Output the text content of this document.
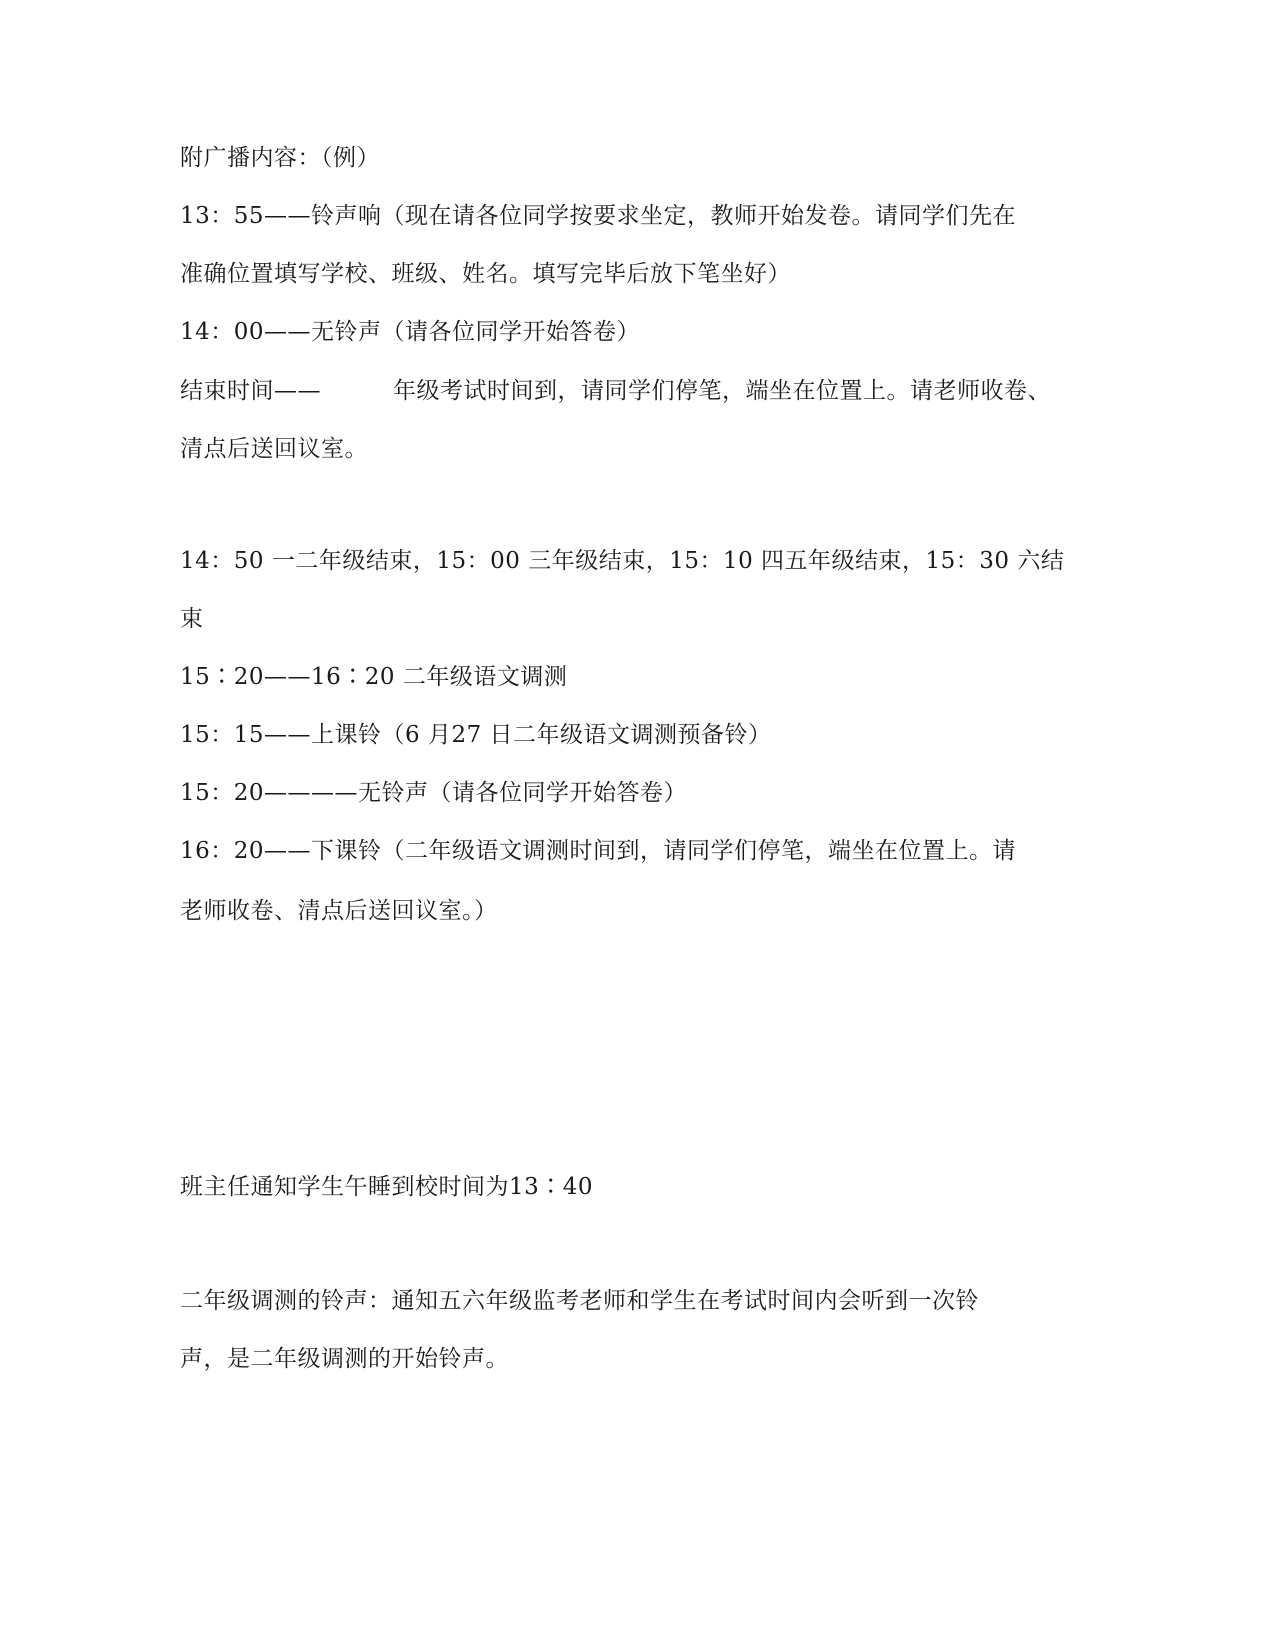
附广播内容：（例）
13：55——铃声响（现在请各位同学按要求坐定，教师开始发卷。请同学们先在
准确位置填写学校、班级、姓名。填写完毕后放下笔坐好）
14：00——无铃声（请各位同学开始答卷）
结束时间——	年级考试时间到，请同学们停笔，端坐在位置上。请老师收卷、
清点后送回议室。
14：50 一二年级结束，15：00 三年级结束，15：10 四五年级结束，15：30 六结
束
15∶20——16∶20 二年级语文调测
15：15——上课铃（6 月27 日二年级语文调测预备铃）
15：20————无铃声（请各位同学开始答卷）
16：20——下课铃（二年级语文调测时间到，请同学们停笔，端坐在位置上。请
老师收卷、清点后送回议室。）
班主任通知学生午睡到校时间为13∶40
二年级调测的铃声：通知五六年级监考老师和学生在考试时间内会听到一次铃
声，是二年级调测的开始铃声。
